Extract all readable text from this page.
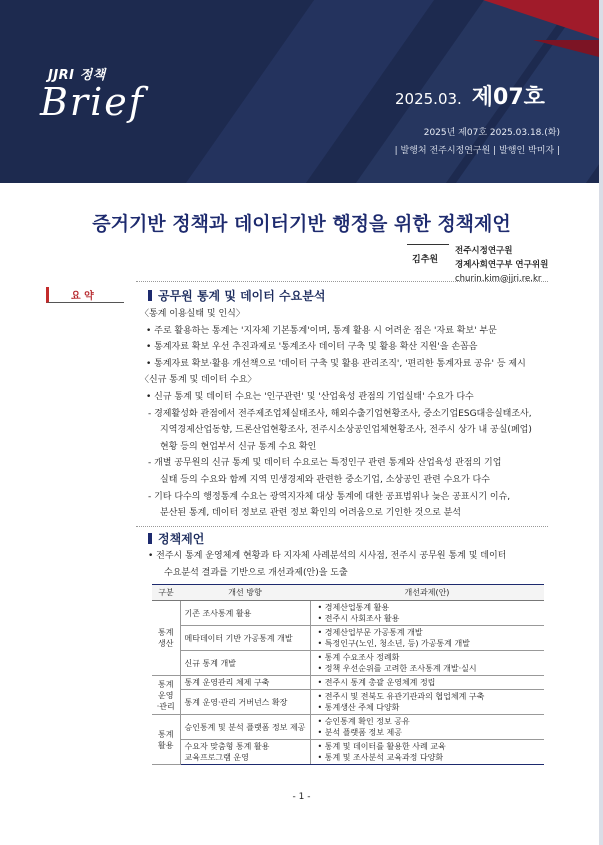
JJRI 정책
Brief	2025.03. 제07호
2025년 제07호 2025.03.18.(화)
| 발행처 전주시정연구원 | 발행인 박미자 |
증거기반 정책과 데이터기반 행정을 위한 정책제언
김추원
전주시정연구원
경제사회연구부 연구위원
churin.kim@jjri.re.kr
요 약	공무원 통계 및 데이터 수요분석
〈통계 이용실태 및 인식〉
• 주로 활용하는 통계는 '지자체 기본통계'이며, 통계 활용 시 어려운 점은 '자료 확보' 부문
• 통계자료 확보 우선 추진과제로 '통계조사 데이터 구축 및 활용 확산 지원'을 손꼽음
• 통계자료 확보·활용 개선책으로 '데이터 구축 및 활용 관리조직', '편리한 통계자료 공유' 등 제시
〈신규 통계 및 데이터 수요〉
• 신규 통계 및 데이터 수요는 '인구관련' 및 '산업육성 관점의 기업실태' 수요가 다수
- 경제활성화 관점에서 전주제조업체실태조사, 해외수출기업현황조사, 중소기업ESG대응실태조사,
지역경제산업동향, 드론산업현황조사, 전주시소상공인업체현황조사, 전주시 상가 내 공실(폐업)
현황 등의 현업부서 신규 통계 수요 확인
- 개별 공무원의 신규 통계 및 데이터 수요로는 특정인구 관련 통계와 산업육성 관점의 기업
실태 등의 수요와 함께 지역 민생경제와 관련한 중소기업, 소상공인 관련 수요가 다수
- 기타 다수의 행정통계 수요는 광역지자체 대상 통계에 대한 공표범위나 늦은 공표시기 이슈,
분산된 통계, 데이터 정보로 관련 정보 확인의 어려움으로 기인한 것으로 분석
정책제언
• 전주시 통계 운영체계 현황과 타 지자체 사례분석의 시사점, 전주시 공무원 통계 및 데이터
수요분석 결과를 기반으로 개선과제(안)을 도출
구분	개선 방향	개선과제(안)
통계
생산	기존 조사통계 활용	• 경제산업통계 활용
• 전주시 사회조사 활용

	메타데이터 기반 가공통계 개발	• 경제산업부문 가공통계 개발
• 특정인구(노인, 청소년, 등) 가공통계 개발

	신규 통계 개발	• 통계 수요조사 정례화
• 정책 우선순위를 고려한 조사통계 개발·실시

통계
운영
·관리	통계 운영관리 체제 구축	• 전주시 통계 총괄 운영체계 정립

	통계 운영·관리 거버넌스 확장	• 전주시 및 전북도 유관기관과의 협업체계 구축
• 통계생산 주체 다양화

통계
활용	승인통계 및 분석 플랫폼 정보 제공	• 승인통계 확인 정보 공유
• 분석 플랫폼 정보 제공

	수요자 맞춤형 통계 활용
교육프로그램 운영	• 통계 및 데이터를 활용한 사례 교육
• 통계 및 조사분석 교육과정 다양화
- 1 -
